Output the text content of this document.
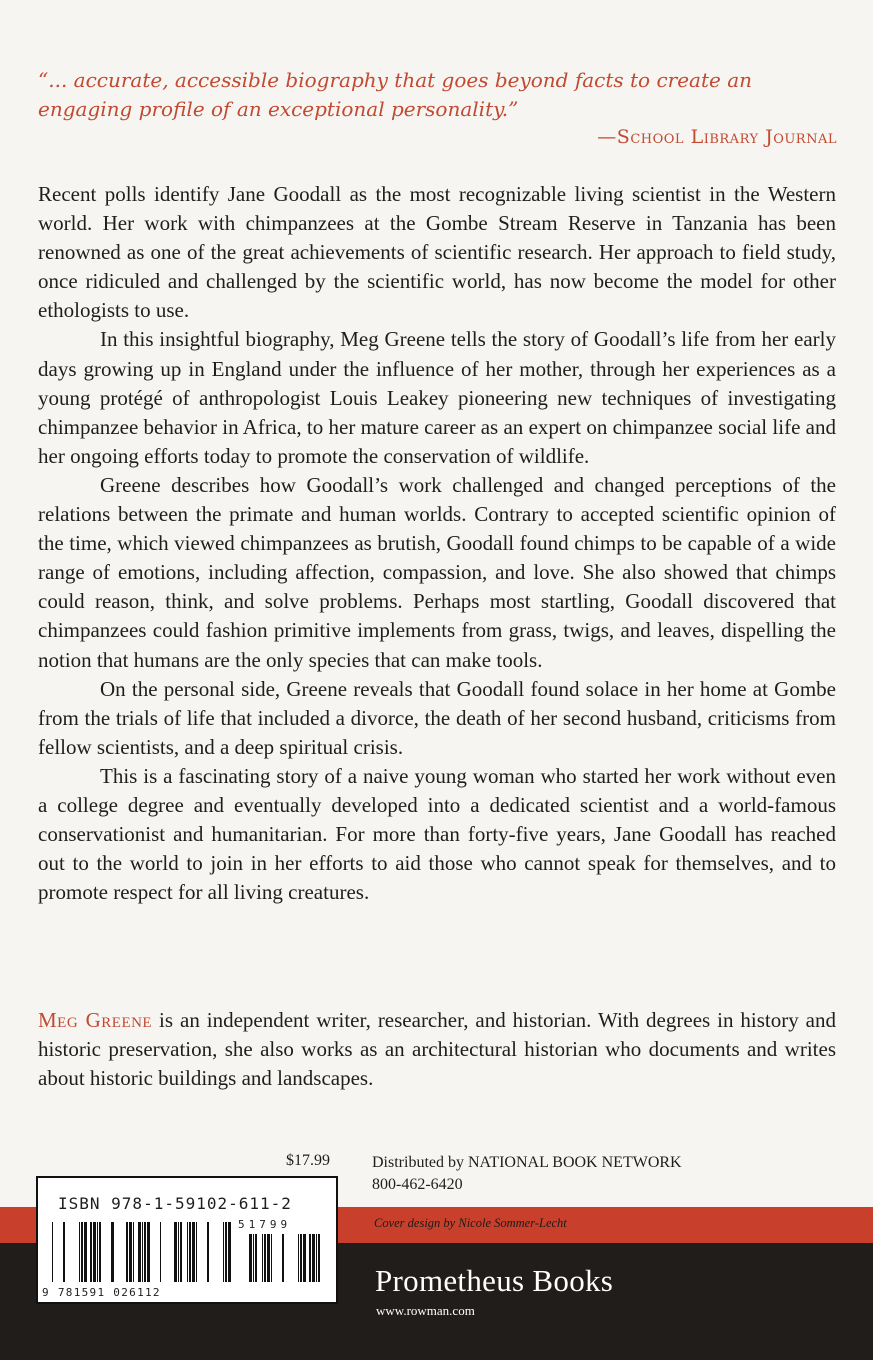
“... accurate, accessible biography that goes beyond facts to create an engaging profile of an exceptional personality.”
—School Library Journal

Recent polls identify Jane Goodall as the most recognizable living scientist in the Western world. Her work with chimpanzees at the Gombe Stream Reserve in Tanzania has been renowned as one of the great achievements of scientific research. Her approach to field study, once ridiculed and challenged by the scientific world, has now become the model for other ethologists to use.

In this insightful biography, Meg Greene tells the story of Goodall’s life from her early days growing up in England under the influence of her mother, through her experiences as a young protégé of anthropologist Louis Leakey pioneering new techniques of investigating chimpanzee behavior in Africa, to her mature career as an expert on chimpanzee social life and her ongoing efforts today to promote the conservation of wildlife.

Greene describes how Goodall’s work challenged and changed perceptions of the relations between the primate and human worlds. Contrary to accepted scientific opinion of the time, which viewed chimpanzees as brutish, Goodall found chimps to be capable of a wide range of emotions, including affection, compassion, and love. She also showed that chimps could reason, think, and solve problems. Perhaps most startling, Goodall discovered that chimpanzees could fashion primitive implements from grass, twigs, and leaves, dispelling the notion that humans are the only species that can make tools.

On the personal side, Greene reveals that Goodall found solace in her home at Gombe from the trials of life that included a divorce, the death of her second husband, criticisms from fellow scientists, and a deep spiritual crisis.

This is a fascinating story of a naive young woman who started her work without even a college degree and eventually developed into a dedicated scientist and a world-famous conservationist and humanitarian. For more than forty-five years, Jane Goodall has reached out to the world to join in her efforts to aid those who cannot speak for themselves, and to promote respect for all living creatures.

Meg Greene is an independent writer, researcher, and historian. With degrees in history and historic preservation, she also works as an architectural historian who documents and writes about historic buildings and landscapes.

$17.99	Distributed by NATIONAL BOOK NETWORK
800-462-6420
Cover design by Nicole Sommer-Lecht
Prometheus Books
www.rowman.com
ISBN 978-1-59102-611-2
51799
9 781591 026112
